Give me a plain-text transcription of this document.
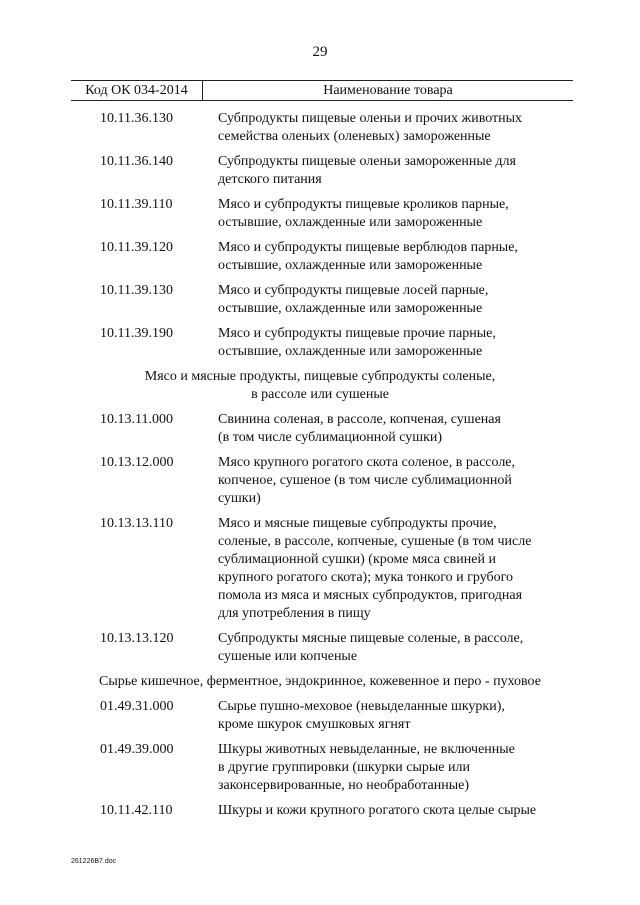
29
Код ОК 034-2014	Наименование товара
10.11.36.130	Субпродукты пищевые оленьи и прочих животных
семейства оленьих (оленевых) замороженные
10.11.36.140	Субпродукты пищевые оленьи замороженные для
детского питания
10.11.39.110	Мясо и субпродукты пищевые кроликов парные,
остывшие, охлажденные или замороженные
10.11.39.120	Мясо и субпродукты пищевые верблюдов парные,
остывшие, охлажденные или замороженные
10.11.39.130	Мясо и субпродукты пищевые лосей парные,
остывшие, охлажденные или замороженные
10.11.39.190	Мясо и субпродукты пищевые прочие парные,
остывшие, охлажденные или замороженные
Мясо и мясные продукты, пищевые субпродукты соленые,
в рассоле или сушеные
10.13.11.000	Свинина соленая, в рассоле, копченая, сушеная
(в том числе сублимационной сушки)
10.13.12.000	Мясо крупного рогатого скота соленое, в рассоле,
копченое, сушеное (в том числе сублимационной
сушки)
10.13.13.110	Мясо и мясные пищевые субпродукты прочие,
соленые, в рассоле, копченые, сушеные (в том числе
сублимационной сушки) (кроме мяса свиней и
крупного рогатого скота); мука тонкого и грубого
помола из мяса и мясных субпродуктов, пригодная
для употребления в пищу
10.13.13.120	Субпродукты мясные пищевые соленые, в рассоле,
сушеные или копченые
Сырье кишечное, ферментное, эндокринное, кожевенное и перо - пуховое
01.49.31.000	Сырье пушно-меховое (невыделанные шкурки),
кроме шкурок смушковых ягнят
01.49.39.000	Шкуры животных невыделанные, не включенные
в другие группировки (шкурки сырые или
законсервированные, но необработанные)
10.11.42.110	Шкуры и кожи крупного рогатого скота целые сырые
261226B7.doc
